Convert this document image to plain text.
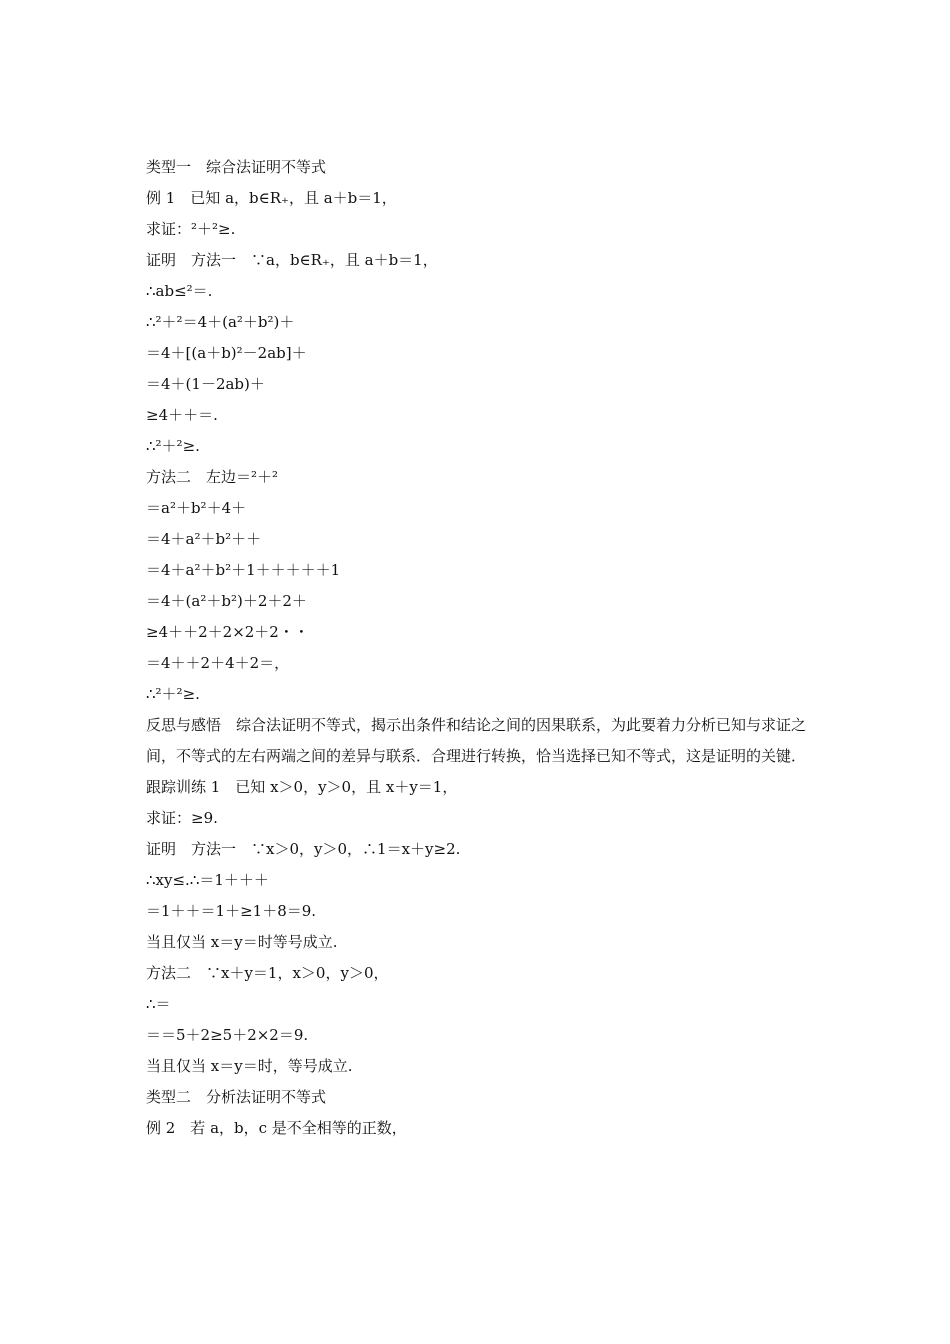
类型一　综合法证明不等式
例 1　已知 a，b∈R₊，且 a＋b＝1，
求证：²＋²≥.
证明　方法一　∵a，b∈R₊，且 a＋b＝1，
∴ab≤²＝.
∴²＋²＝4＋(a²＋b²)＋
＝4＋[(a＋b)²－2ab]＋
＝4＋(1－2ab)＋
≥4＋＋＝.
∴²＋²≥.
方法二　左边＝²＋²
＝a²＋b²＋4＋
＝4＋a²＋b²＋＋
＝4＋a²＋b²＋1＋＋＋＋＋1
＝4＋(a²＋b²)＋2＋2＋
≥4＋＋2＋2×2＋2・・
＝4＋＋2＋4＋2＝，
∴²＋²≥.
反思与感悟　综合法证明不等式，揭示出条件和结论之间的因果联系，为此要着力分析已知与求证之间，不等式的左右两端之间的差异与联系．合理进行转换，恰当选择已知不等式，这是证明的关键．
跟踪训练 1　已知 x＞0，y＞0，且 x＋y＝1，
求证：≥9.
证明　方法一　∵x＞0，y＞0，∴1＝x＋y≥2.
∴xy≤.∴＝1＋＋＋
＝1＋＋＝1＋≥1＋8＝9.
当且仅当 x＝y＝时等号成立.
方法二　∵x＋y＝1，x＞0，y＞0，
∴＝
＝＝5＋2≥5＋2×2＝9.
当且仅当 x＝y＝时，等号成立.
类型二　分析法证明不等式
例 2　若 a，b，c 是不全相等的正数，
